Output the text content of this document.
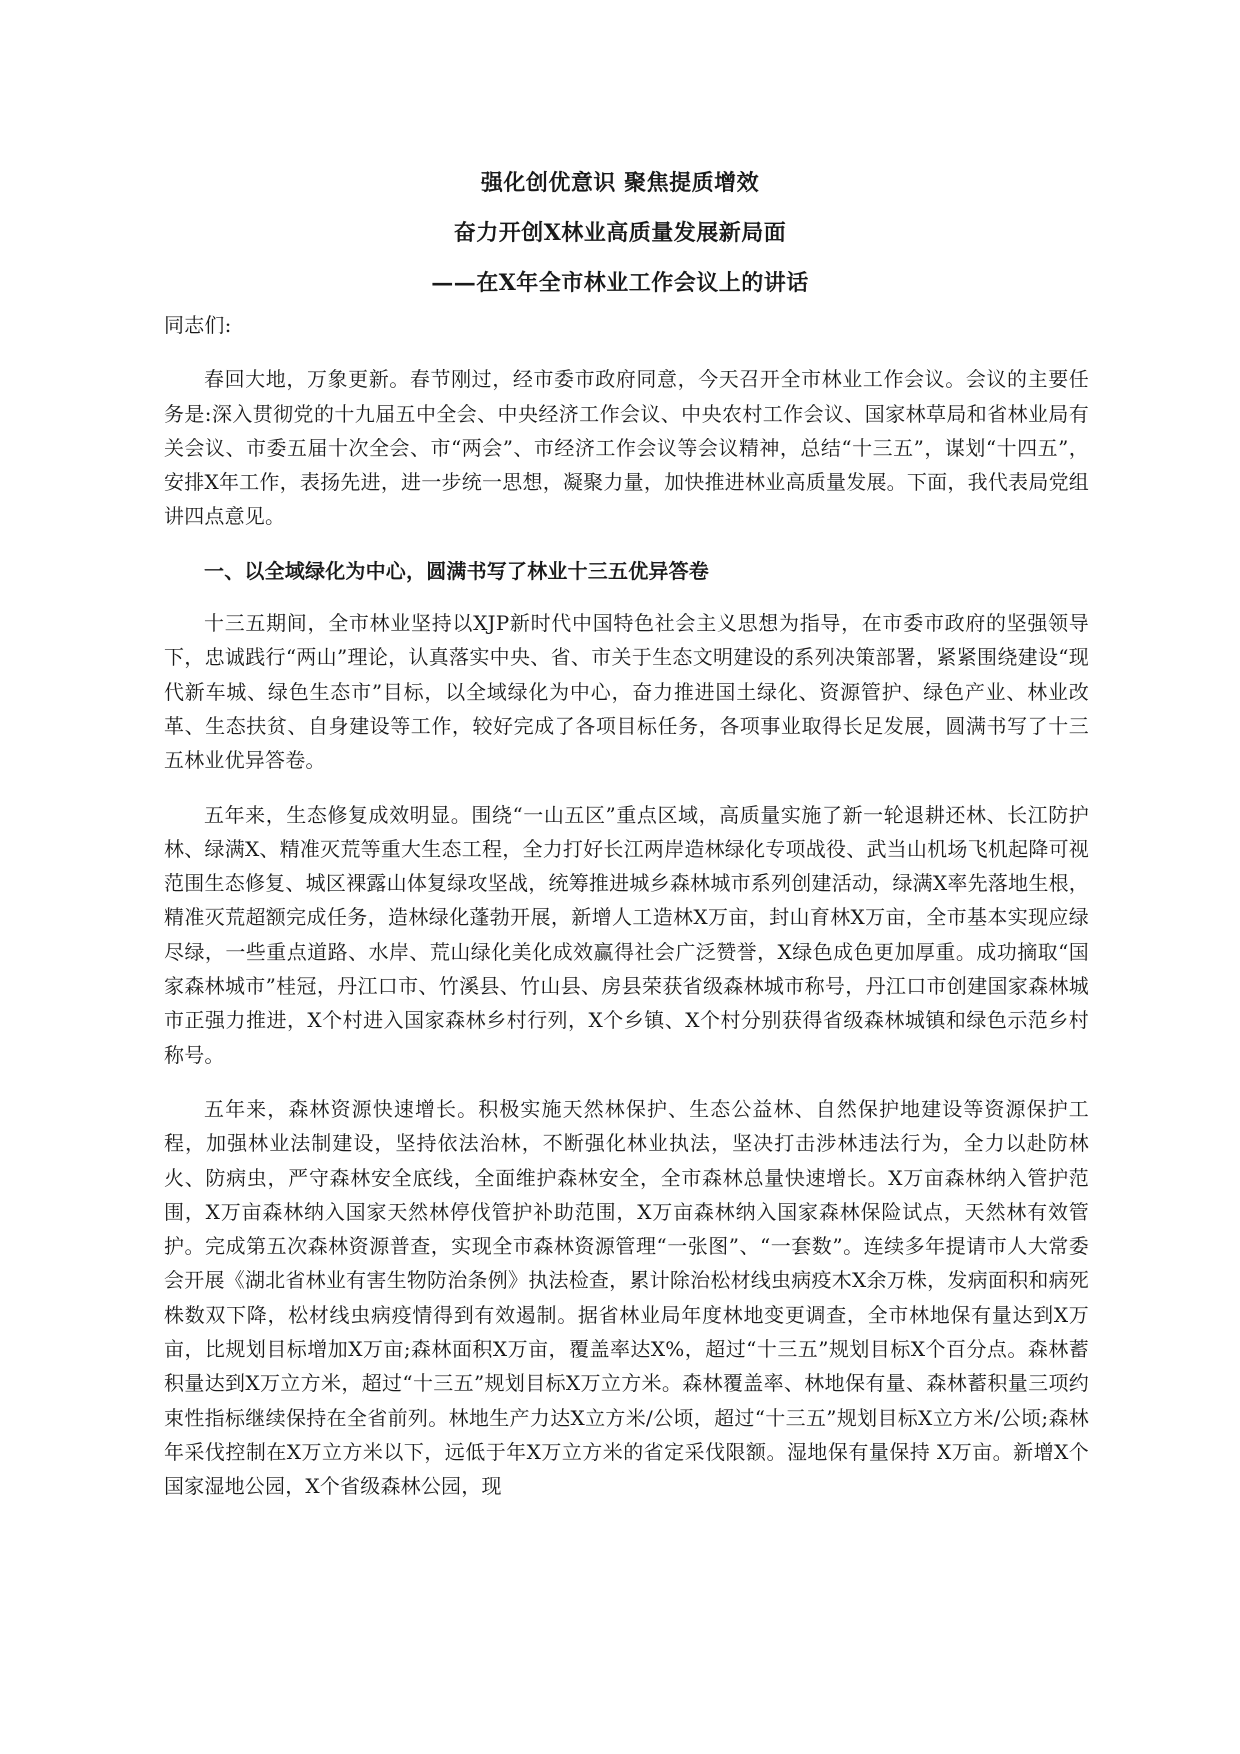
强化创优意识 聚焦提质增效
奋力开创X林业高质量发展新局面
——在X年全市林业工作会议上的讲话

同志们:

春回大地，万象更新。春节刚过，经市委市政府同意，今天召开全市林业工作会议。会议的主要任务是:深入贯彻党的十九届五中全会、中央经济工作会议、中央农村工作会议、国家林草局和省林业局有关会议、市委五届十次全会、市“两会”、市经济工作会议等会议精神，总结“十三五”，谋划“十四五”，安排X年工作，表扬先进，进一步统一思想，凝聚力量，加快推进林业高质量发展。下面，我代表局党组讲四点意见。

一、以全域绿化为中心，圆满书写了林业十三五优异答卷

十三五期间，全市林业坚持以XJP新时代中国特色社会主义思想为指导，在市委市政府的坚强领导下，忠诚践行“两山”理论，认真落实中央、省、市关于生态文明建设的系列决策部署，紧紧围绕建设“现代新车城、绿色生态市”目标，以全域绿化为中心，奋力推进国土绿化、资源管护、绿色产业、林业改革、生态扶贫、自身建设等工作，较好完成了各项目标任务，各项事业取得长足发展，圆满书写了十三五林业优异答卷。

五年来，生态修复成效明显。围绕“一山五区”重点区域，高质量实施了新一轮退耕还林、长江防护林、绿满X、精准灭荒等重大生态工程，全力打好长江两岸造林绿化专项战役、武当山机场飞机起降可视范围生态修复、城区裸露山体复绿攻坚战，统筹推进城乡森林城市系列创建活动，绿满X率先落地生根，精准灭荒超额完成任务，造林绿化蓬勃开展，新增人工造林X万亩，封山育林X万亩，全市基本实现应绿尽绿，一些重点道路、水岸、荒山绿化美化成效赢得社会广泛赞誉，X绿色成色更加厚重。成功摘取“国家森林城市”桂冠，丹江口市、竹溪县、竹山县、房县荣获省级森林城市称号，丹江口市创建国家森林城市正强力推进，X个村进入国家森林乡村行列，X个乡镇、X个村分别获得省级森林城镇和绿色示范乡村称号。

五年来，森林资源快速增长。积极实施天然林保护、生态公益林、自然保护地建设等资源保护工程，加强林业法制建设，坚持依法治林，不断强化林业执法，坚决打击涉林违法行为，全力以赴防林火、防病虫，严守森林安全底线，全面维护森林安全，全市森林总量快速增长。X万亩森林纳入管护范围，X万亩森林纳入国家天然林停伐管护补助范围，X万亩森林纳入国家森林保险试点，天然林有效管护。完成第五次森林资源普查，实现全市森林资源管理“一张图”、“一套数”。连续多年提请市人大常委会开展《湖北省林业有害生物防治条例》执法检查，累计除治松材线虫病疫木X余万株，发病面积和病死株数双下降，松材线虫病疫情得到有效遏制。据省林业局年度林地变更调查，全市林地保有量达到X万亩，比规划目标增加X万亩;森林面积X万亩，覆盖率达X%，超过“十三五”规划目标X个百分点。森林蓄积量达到X万立方米，超过“十三五”规划目标X万立方米。森林覆盖率、林地保有量、森林蓄积量三项约束性指标继续保持在全省前列。林地生产力达X立方米/公顷，超过“十三五”规划目标X立方米/公顷;森林年采伐控制在X万立方米以下，远低于年X万立方米的省定采伐限额。湿地保有量保持 X万亩。新增X个国家湿地公园，X个省级森林公园，现
